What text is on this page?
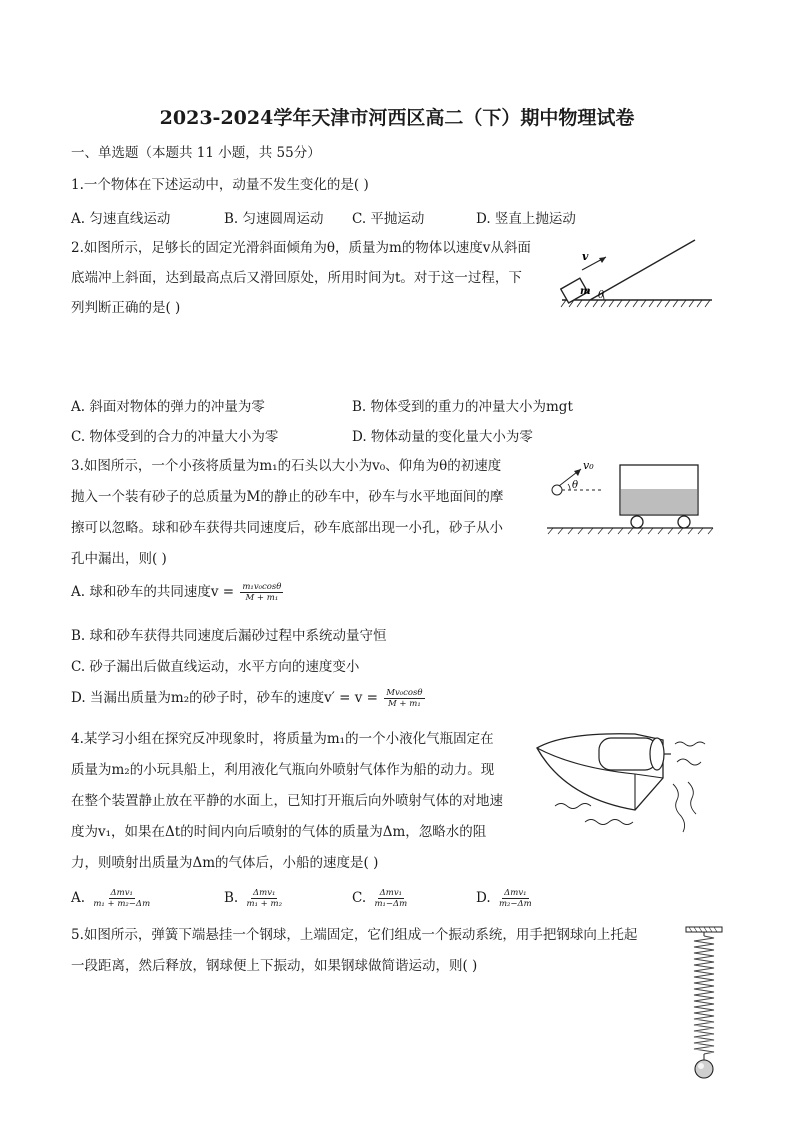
2023-2024学年天津市河西区高二（下）期中物理试卷
一、单选题（本题共 11 小题，共 55分）
1.一个物体在下述运动中，动量不发生变化的是( )
A. 匀速直线运动	B. 匀速圆周运动 C. 平抛运动	D. 竖直上抛运动
2.如图所示，足够长的固定光滑斜面倾角为θ，质量为m的物体以速度v从斜面
底端冲上斜面，达到最高点后又滑回原处，所用时间为t。对于这一过程，下
列判断正确的是( )
m θ
v
A. 斜面对物体的弹力的冲量为零	B. 物体受到的重力的冲量大小为mgt
C. 物体受到的合力的冲量大小为零	D. 物体动量的变化量大小为零
3.如图所示，一个小孩将质量为m₁的石头以大小为v₀、仰角为θ的初速度
抛入一个装有砂子的总质量为M的静止的砂车中，砂车与水平地面间的摩
擦可以忽略。球和砂车获得共同速度后，砂车底部出现一小孔，砂子从小
孔中漏出，则( )
v₀
θ
A. 球和砂车的共同速度$v = \frac{\text{m₁v₀cosθ}}{\text{M + m₁}}$
B. 球和砂车获得共同速度后漏砂过程中系统动量守恒
C. 砂子漏出后做直线运动，水平方向的速度变小
D. 当漏出质量为m₂的砂子时，砂车的速度$v' = v = \frac{\text{Mv₀cosθ}}{\text{M + m₁}}$
4.某学习小组在探究反冲现象时，将质量为m₁的一个小液化气瓶固定在
质量为m₂的小玩具船上，利用液化气瓶向外喷射气体作为船的动力。现
在整个装置静止放在平静的水面上，已知打开瓶后向外喷射气体的对地速
度为v₁，如果在Δt的时间内向后喷射的气体的质量为Δm，忽略水的阻
力，则喷射出质量为Δm的气体后，小船的速度是( )
A. $\frac{\text{Δmv₁}}{\text{m₁ + m₂−Δm}}$	B. $\frac{\text{Δmv₁}}{\text{m₁ + m₂}}$	C. $\frac{\text{Δmv₁}}{\text{m₁−Δm}}$	D. $\frac{\text{Δmv₁}}{\text{m₂−Δm}}$
5.如图所示，弹簧下端悬挂一个钢球，上端固定，它们组成一个振动系统，用手把钢球向上托起
一段距离，然后释放，钢球便上下振动，如果钢球做简谐运动，则( )
